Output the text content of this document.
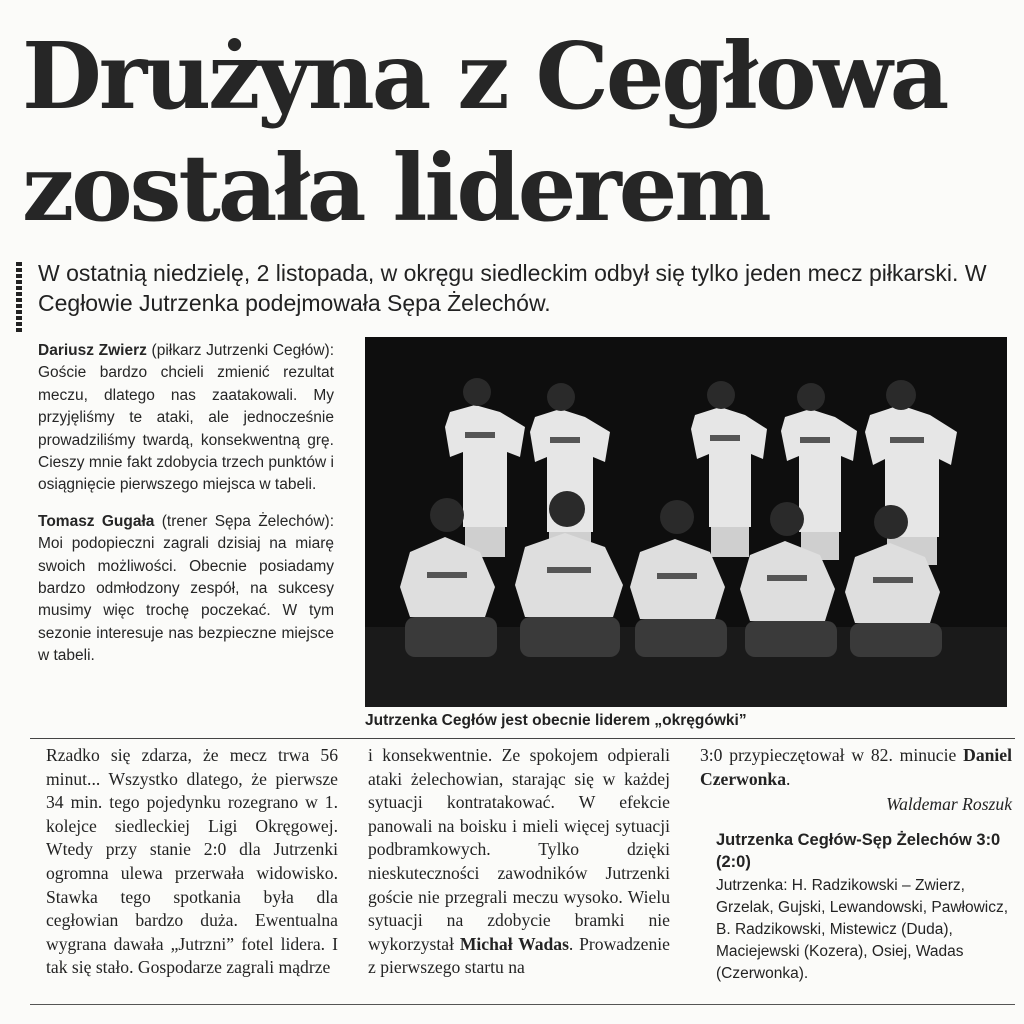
Drużyna z Cegłowa
została liderem
W ostatnią niedzielę, 2 listopada, w okręgu siedleckim odbył się tylko jeden mecz piłkarski. W Cegłowie Jutrzenka podejmowała Sępa Żelechów.

Dariusz Zwierz (piłkarz Jutrzenki Cegłów): Goście bardzo chcieli zmienić rezultat meczu, dlatego nas zaatakowali. My przyjęliśmy te ataki, ale jednocześnie prowadziliśmy twardą, konsekwentną grę. Cieszy mnie fakt zdobycia trzech punktów i osiągnięcie pierwszego miejsca w tabeli.

Tomasz Gugała (trener Sępa Żelechów): Moi podopieczni zagrali dzisiaj na miarę swoich możliwości. Obecnie posiadamy bardzo odmłodzony zespół, na sukcesy musimy więc trochę poczekać. W tym sezonie interesuje nas bezpieczne miejsce w tabeli.

Jutrzenka Cegłów jest obecnie liderem „okręgówki”

Rzadko się zdarza, że mecz trwa 56 minut... Wszystko dlatego, że pierwsze 34 min. tego pojedynku rozegrano w 1. kolejce siedleckiej Ligi Okręgowej. Wtedy przy stanie 2:0 dla Jutrzenki ogromna ulewa przerwała widowisko. Stawka tego spotkania była dla cegłowian bardzo duża. Ewentualna wygrana dawała „Jutrzni” fotel lidera. I tak się stało. Gospodarze zagrali mądrze

i konsekwentnie. Ze spokojem odpierali ataki żelechowian, starając się w każdej sytuacji kontratakować. W efekcie panowali na boisku i mieli więcej sytuacji podbramkowych. Tylko dzięki nieskuteczności zawodników Jutrzenki goście nie przegrali meczu wysoko. Wielu sytuacji na zdobycie bramki nie wykorzystał Michał Wadas. Prowadzenie z pierwszego startu na

3:0 przypieczętował w 82. minucie Daniel Czerwonka.

Waldemar Roszuk
Jutrzenka Cegłów-Sęp Żelechów 3:0 (2:0)
Jutrzenka: H. Radzikowski – Zwierz, Grzelak, Gujski, Lewandowski, Pawłowicz, B. Radzikowski, Mistewicz (Duda), Maciejewski (Kozera), Osiej, Wadas (Czerwonka).
